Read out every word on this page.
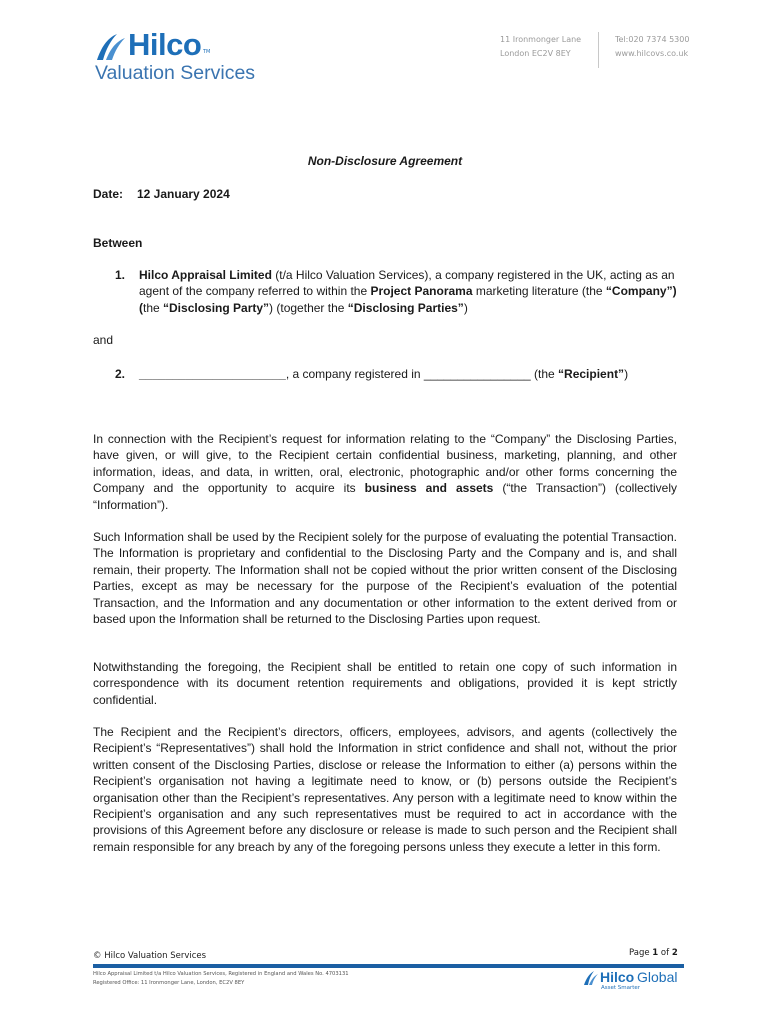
Hilco TM
Valuation Services
11 Ironmonger Lane
London EC2V 8EY
Tel:020 7374 5300
www.hilcovs.co.uk
Non-Disclosure Agreement
Date: 12 January 2024
Between
1. Hilco Appraisal Limited (t/a Hilco Valuation Services), a company registered in the UK, acting as an agent of the company referred to within the Project Panorama marketing literature (the “Company”) (the “Disclosing Party”) (together the “Disclosing Parties”)
and
2. ______________________, a company registered in ________________ (the “Recipient”)
In connection with the Recipient’s request for information relating to the “Company” the Disclosing Parties, have given, or will give, to the Recipient certain confidential business, marketing, planning, and other information, ideas, and data, in written, oral, electronic, photographic and/or other forms concerning the Company and the opportunity to acquire its business and assets (“the Transaction”) (collectively “Information”).
Such Information shall be used by the Recipient solely for the purpose of evaluating the potential Transaction. The Information is proprietary and confidential to the Disclosing Party and the Company and is, and shall remain, their property. The Information shall not be copied without the prior written consent of the Disclosing Parties, except as may be necessary for the purpose of the Recipient’s evaluation of the potential Transaction, and the Information and any documentation or other information to the extent derived from or based upon the Information shall be returned to the Disclosing Parties upon request.
Notwithstanding the foregoing, the Recipient shall be entitled to retain one copy of such information in correspondence with its document retention requirements and obligations, provided it is kept strictly confidential.
The Recipient and the Recipient’s directors, officers, employees, advisors, and agents (collectively the Recipient’s “Representatives”) shall hold the Information in strict confidence and shall not, without the prior written consent of the Disclosing Parties, disclose or release the Information to either (a) persons within the Recipient’s organisation not having a legitimate need to know, or (b) persons outside the Recipient’s organisation other than the Recipient’s representatives. Any person with a legitimate need to know within the Recipient’s organisation and any such representatives must be required to act in accordance with the provisions of this Agreement before any disclosure or release is made to such person and the Recipient shall remain responsible for any breach by any of the foregoing persons unless they execute a letter in this form.
© Hilco Valuation Services	Page 1 of 2
Hilco Appraisal Limited t/a Hilco Valuation Services, Registered in England and Wales No. 4703131
Registered Office: 11 Ironmonger Lane, London, EC2V 8EY	Hilco Global
Asset Smarter
